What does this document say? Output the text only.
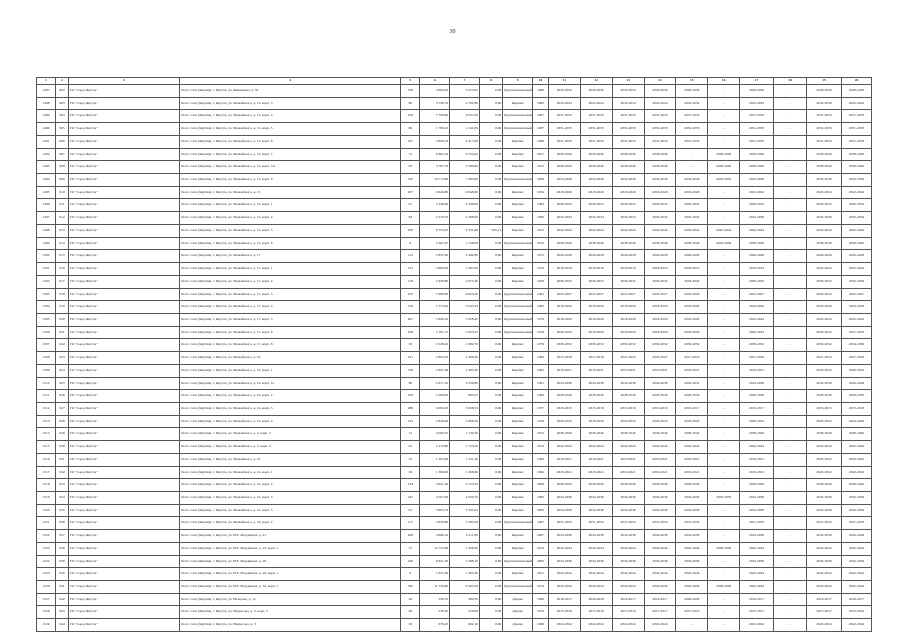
30
1	2	3	4	5	6	7	8	9	10	11	12	13	14	15	16	17	18	19	20
1487	902	ГО "город Якутск"	Респ. Саха (Якутия), г. Якутск, ул. Макаренко, д. 34	190	4 683,65	3 273,65	0,00	Крупнопанельный	1986	2032-2034	2028-2030	2032-2034	2028-2030	2028-2030	-	2028-2030	-	2028-2030	2028-2030
1488	903	ГО "город Якутск"	Респ. Саха (Якутия), г. Якутск, ул. Можайского, д. 13, корп. 3	86	3 749,76	2 782,98	0,00	Кирпич	1985	2032-2034	2022-2024	2032-2034	2022-2024	2032-2034	-	2032-2034	-	2034-2036	2022-2024
1489	904	ГО "город Якутск"	Респ. Саха (Якутия), г. Якутск, ул. Можайского, д. 13, корп. 4	250	7 798,60	6 631,00	0,00	Крупнопанельный	1987	2031-2033	2031-2033	2031-2033	2031-2033	2031-2033	-	2031-2033	-	2031-2033	2031-2033
1490	905	ГО "город Якутск"	Респ. Саха (Якутия), г. Якутск, ул. Можайского, д. 13, корп. 5	86	1 789,10	1 541,09	0,00	Крупнопанельный	1987	2031-2033	2031-2033	2031-2033	2031-2033	2031-2033	-	2031-2033	-	2031-2033	2031-2033
1491	906	ГО "город Якутск"	Респ. Саха (Якутия), г. Якутск, ул. Можайского, д. 13, корп. 6	187	4 898,70	4 317,68	0,00	Кирпич	1988	2031-2033	2031-2033	2031-2033	2031-2033	2031-2033	-	2031-2033	-	2031-2033	2031-2033
1492	907	ГО "город Якутск"	Респ. Саха (Якутия), г. Якутск, ул. Можайского, д. 13, корп. 7	75	9 862,16	6 534,64	0,00	Кирпич	2011	2038-2040	2038-2040	2038-2040	2038-2040	-	2038-2040	2038-2040	-	2038-2040	2038-2040
1493	908	ГО "город Якутск"	Респ. Саха (Якутия), г. Якутск, ул. Можайского, д. 13, корп. 7А	63	3 767,76	3 290,80	0,00	Кирпич	2012	2038-2040	2038-2040	2038-2040	2038-2040	-	2038-2040	2038-2040	-	2038-2040	2038-2040
1494	909	ГО "город Якутск"	Респ. Саха (Якутия), г. Якутск, ул. Можайского, д. 13, корп. 9	310	10 713,60	7 283,90	0,00	Крупнопанельный	2009	2034-2036	2034-2036	2034-2036	2034-2036	2034-2036	2033-2035	2034-2036	-	2034-2036	2034-2036
1495	910	ГО "город Якутск"	Респ. Саха (Якутия), г. Якутск, ул. Можайского, д. 15	207	9 649,80	6 848,90	0,00	Кирпич	1954	2018-2020	2018-2020	2018-2020	2018-2020	2018-2020	-	2022-2024	-	2022-2024	2022-2024
1496	911	ГО "город Якутск"	Респ. Саха (Якутия), г. Якутск, ул. Можайского, д. 15, корп. 1	97	2 548,90	2 336,96	0,00	Кирпич	1993	2030-2032	2030-2032	2030-2032	2030-2032	2030-2032	-	2030-2032	-	2030-2032	2030-2032
1497	912	ГО "город Якутск"	Респ. Саха (Якутия), г. Якутск, ул. Можайского, д. 15, корп. 2	84	2 579,70	2 368,60	0,00	Кирпич	1990	2032-2034	2032-2034	2032-2034	2032-2034	2032-2034	-	2034-2036	-	2034-2036	2032-2034
1498	913	ГО "город Якутск"	Респ. Саха (Якутия), г. Якутск, ул. Можайского, д. 15, корп. 5	200	6 754,35	4 531,68	635,13	Кирпич	2015	2042-2044	2042-2044	2042-2044	2042-2044	2039-2041	2042-2044	2042-2044	-	2042-2044	2042-2044
1499	914	ГО "город Якутск"	Респ. Саха (Якутия), г. Якутск, ул. Можайского, д. 15, корп. 6	8	2 361,67	1 726,89	0,00	Крупнопанельный	2010	2038-2040	2038-2040	2038-2040	2038-2040	2038-2040	2034-2036	2038-2040	-	2038-2040	2038-2040
1500	915	ГО "город Якутск"	Респ. Саха (Якутия), г. Якутск, ул. Можайского, д. 17	112	2 837,20	2 492,80	0,00	Кирпич	1972	2026-2028	2026-2028	2026-2028	2026-2028	2026-2028	-	2026-2028	-	2026-2028	2026-2028
1501	916	ГО "город Якутск"	Респ. Саха (Якутия), г. Якутск, ул. Можайского, д. 17, корп. 1	145	3 869,50	3 481,00	0,00	Кирпич	1970	2018-2019	2018-2019	2018-2019	2018-2019	2018-2019	-	2018-2019	-	2022-2024	2022-2024
1502	917	ГО "город Якутск"	Респ. Саха (Якутия), г. Якутск, ул. Можайского, д. 17, корп. 2	118	2 958,80	2 675,40	0,00	Кирпич	1958	2030-2032	2030-2032	2030-2032	2030-2032	2018-2020	-	2030-2032	-	2030-2032	2034-2036
1503	918	ГО "город Якутск"	Респ. Саха (Якутия), г. Якутск, ул. Можайского, д. 17, корп. 3	255	7 988,20	6 823,20	0,00	Крупнопанельный	1981	2025-2027	2025-2027	2025-2027	2025-2027	2018-2020	-	2025-2027	-	2020-2022	2025-2027
1504	919	ГО "город Якутск"	Респ. Саха (Якутия), г. Якутск, ул. Можайского, д. 17, корп. 4	216	5 773,02	5 043,33	0,00	Крупнопанельный	1983	2018-2020	2018-2020	2018-2020	2018-2020	2018-2020	-	2024-2026	-	2024-2026	2024-2026
1505	920	ГО "город Якутск"	Респ. Саха (Якутия), г. Якутск, ул. Можайского, д. 17, корп. 5	207	5 999,10	5 058,20	0,00	Крупнопанельный	1979	2018-2020	2018-2020	2018-2020	2018-2020	2018-2020	-	2022-2024	-	2022-2024	2022-2024
1506	921	ГО "город Якутск"	Респ. Саха (Якутия), г. Якутск, ул. Можайского, д. 17, корп. 6	208	5 761,37	5 025,37	0,00	Крупнопанельный	1978	2020-2022	2018-2020	2018-2020	2018-2020	2018-2020	-	2020-2022	-	2020-2022	2021-2023
1507	922	ГО "город Якутск"	Респ. Саха (Якутия), г. Якутск, ул. Можайского, д. 17, корп. 8	93	2 528,40	1 882,70	0,00	Кирпич	1979	2030-2032	2030-2032	2030-2032	2030-2032	2030-2032	-	2030-2032	-	2030-2032	2034-2036
1508	923	ГО "город Якутск"	Респ. Саха (Якутия), г. Якутск, ул. Можайского, д. 19	101	2 803,20	2 498,40	0,00	Кирпич	1964	2017-2018	2017-2018	2021-2023	2025-2027	2017-2018	-	2027-2029	-	2021-2023	2027-2029
1509	924	ГО "город Якутск"	Респ. Саха (Якутия), г. Якутск, ул. Можайского, д. 19, корп. 1	136	2 691,69	2 495,40	0,00	Кирпич	1965	2019-2021	2019-2021	2019-2021	2019-2021	2019-2021	-	2019-2021	-	2020-2022	2020-2022
1510	925	ГО "город Якутск"	Респ. Саха (Якутия), г. Якутск, ул. Можайского, д. 19, корп. 1а	88	2 671,10	2 259,90	0,00	Кирпич	1991	2034-2036	2034-2036	2034-2036	2034-2036	2030-2032	-	2034-2036	-	2034-2036	2034-2036
1511	926	ГО "город Якутск"	Респ. Саха (Якутия), г. Якутск, ул. Можайского, д. 19, корп. 2	100	1 008,00	883,25	0,00	Кирпич	1964	2028-2030	2028-2030	2028-2030	2028-2030	2028-2030	-	2028-2030	-	2028-2030	2028-2030
1512	927	ГО "город Якутск"	Респ. Саха (Якутия), г. Якутск, ул. Можайского, д. 19, корп. 3	288	4 082,03	3 638,53	0,00	Кирпич	1977	2019-2015	2015-2016	2015-2016	2015-2016	2015-2017	-	2015-2017	-	2015-2015	2015-2018
1513	928	ГО "город Якутск"	Респ. Саха (Якутия), г. Якутск, ул. Можайского, д. 19, корп. 4	145	2 848,96	2 668,20	0,00	Кирпич	1978	2020-2022	2018-2020	2020-2022	2020-2022	2018-2020	-	2020-2022	-	2020-2022	2024-2026
1514	929	ГО "город Якутск"	Респ. Саха (Якутия), г. Якутск, ул. Можайского, д. 2, корп. 3	12	2 066,35	1 749,30	0,00	Кирпич	2012	2038-2040	2038-2040	2038-2040	2038-2040	2038-2040	-	2038-2040	-	2038-2040	2038-2040
1515	930	ГО "город Якутск"	Респ. Саха (Якутия), г. Якутск, ул. Можайского, д. 2, корп. 4	45	2 113,80	1 723,56	0,00	Кирпич	2014	2042-2044	2042-2044	2042-2044	2042-2044	2042-2044	-	2042-2044	-	2042-2044	2042-2044
1516	931	ГО "город Якутск"	Респ. Саха (Якутия), г. Якутск, ул. Можайского, д. 21	55	1 305,60	1 231,46	0,00	Кирпич	1964	2019-2021	2019-2021	2019-2021	2019-2021	2019-2021	-	2019-2021	-	2020-2022	2020-2022
1517	932	ГО "город Якутск"	Респ. Саха (Якутия), г. Якутск, ул. Можайского, д. 21, корп. 1	36	1 368,00	1 268,96	0,00	Кирпич	1964	2019-2021	2019-2021	2019-2021	2019-2021	2019-2021	-	2019-2021	-	2020-2022	2020-2022
1518	933	ГО "город Якутск"	Респ. Саха (Якутия), г. Якутск, ул. Можайского, д. 21, корп. 2	143	4 621,26	3 723,39	0,00	Кирпич	2009	2038-2040	2038-2040	2038-2040	2038-2040	2038-2040	-	2038-2040	-	2038-2040	2038-2040
1519	934	ГО "город Якутск"	Респ. Саха (Якутия), г. Якутск, ул. Можайского, д. 21, корп. 3	247	4 567,49	4 020,70	0,00	Кирпич	1985	2034-2036	2034-2036	2034-2036	2034-2036	2034-2036	2033-2035	2034-2036	-	2034-2036	2034-2036
1520	935	ГО "город Якутск"	Респ. Саха (Якутия), г. Якутск, ул. Можайского, д. 21, корп. 5	91	3 863,74	3 341,64	0,00	Кирпич	2005	2034-2036	2034-2036	2034-2036	2034-2036	2034-2036	-	2034-2036	-	2034-2036	2034-2036
1521	936	ГО "город Якутск"	Респ. Саха (Якутия), г. Якутск, ул. Можайского, д. 23, корп. 2	117	3 839,80	3 383,28	0,00	Крупнопанельный	1987	2031-2033	2031-2033	2031-2033	2031-2033	2031-2033	-	2031-2033	-	2031-2033	2031-2033
1522	937	ГО "город Якутск"	Респ. Саха (Якутия), г. Якутск, ул. Н.Е. Мординова, д. 21	206	4 886,10	4 211,60	0,00	Кирпич	2007	2034-2036	2034-2036	2034-2036	2034-2036	2034-2036	-	2034-2036	-	2034-2036	2034-2036
1523	938	ГО "город Якутск"	Респ. Саха (Якутия), г. Якутск, ул. Н.Е. Мординова, д. 23, корп. 1	37	12 752,66	7 328,20	0,00	Кирпич	2014	2042-2044	2042-2044	2042-2044	2042-2044	2042-2044	2038-2040	2042-2044	-	2042-2044	2042-2044
1524	939	ГО "город Якутск"	Респ. Саха (Якутия), г. Якутск, ул. Н.Е. Мординова, д. 29	220	6 821,20	5 488,10	0,00	Крупнопанельный	2005	2034-2036	2034-2036	2034-2036	2034-2036	2034-2036	-	2034-2036	-	2034-2036	2034-2036
1525	940	ГО "город Якутск"	Респ. Саха (Якутия), г. Якутск, ул. Н.Е. Мординова, д. 29, корп. 1	6	1 651,60	1 365,40	0,00	Кирпич	2011	2042-2044	2042-2044	2042-2044	2042-2044	2042-2044	-	2042-2044	-	2042-2044	2042-2044
1526	941	ГО "город Якутск"	Респ. Саха (Якутия), г. Якутск, ул. Н.Е. Мординова, д. 32, корп. 1	300	11 756,60	9 463,28	0,00	Крупнопанельный	2014	2042-2044	2042-2044	2042-2044	2042-2044	2042-2044	2038-2040	2042-2044	-	2042-2044	2042-2044
1527	942	ГО "город Якутск"	Респ. Саха (Якутия), г. Якутск, ул. Назарова, д. 12	26	528,70	489,50	0,00	Дерево	1986	2016-2017	2026-2028	2016-2017	2016-2017	2026-2028	-	2016-2017	-	2016-2017	2016-2017
1528	943	ГО "город Якутск"	Респ. Саха (Якутия), г. Якутск, ул. Некрасова, д. 2, корп. 5	48	530,20	479,90	0,00	Дерево	1974	2015-2016	2015-2016	2015-2016	2015-2017	2015-2016	-	2015-2017	-	2015-2017	2015-2016
1529	944	ГО "город Якутск"	Респ. Саха (Якутия), г. Якутск, ул. Некрасова, д. 3	29	676,20	662,10	0,00	Дерево	1989	2022-2024	2022-2024	2022-2024	2022-2024	-	-	2022-2024	-	2022-2024	2022-2024
